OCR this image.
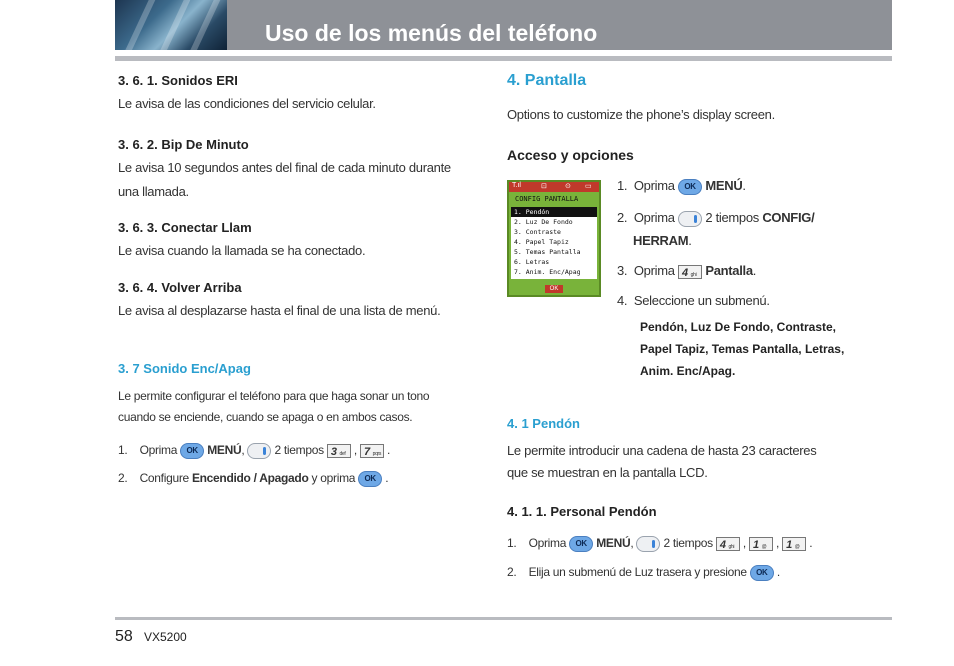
Uso de los menús del teléfono
3. 6. 1. Sonidos ERI
Le avisa de las condiciones del servicio celular.
3. 6. 2. Bip De Minuto
Le avisa 10 segundos antes del final de cada minuto durante
una llamada.
3. 6. 3. Conectar Llam
Le avisa cuando la llamada se ha conectado.
3. 6. 4. Volver Arriba
Le avisa al desplazarse hasta el final de una lista de menú.
3. 7 Sonido Enc/Apag
Le permite configurar el teléfono para que haga sonar un tono
cuando se enciende, cuando se apaga o en ambos casos.
1. Oprima OK MENÚ,	2 tiempos 3 def , 7 pqrs .
2. Configure Encendido / Apagado y oprima OK .
4. Pantalla
Options to customize the phone’s display screen.
Acceso y opciones
T.ıl	⊡	⊙ ▭
CONFIG PANTALLA
1. Pendón
2. Luz De Fondo
3. Contraste
4. Papel Tapiz
5. Temas Pantalla
6. Letras
7. Anim. Enc/Apag
OK
1. Oprima OK MENÚ.
2. Oprima 2 tiempos CONFIG/
HERRAM.
3. Oprima 4 ghi Pantalla.
4. Seleccione un submenú.
Pendón, Luz De Fondo, Contraste,
Papel Tapiz, Temas Pantalla, Letras,
Anim. Enc/Apag.
4. 1 Pendón
Le permite introducir una cadena de hasta 23 caracteres
que se muestran en la pantalla LCD.
4. 1. 1. Personal Pendón
1. Oprima OK MENÚ,	2 tiempos 4 ghi , 1 @ , 1 @ .
2. Elija un submenú de Luz trasera y presione OK .
58 VX5200
